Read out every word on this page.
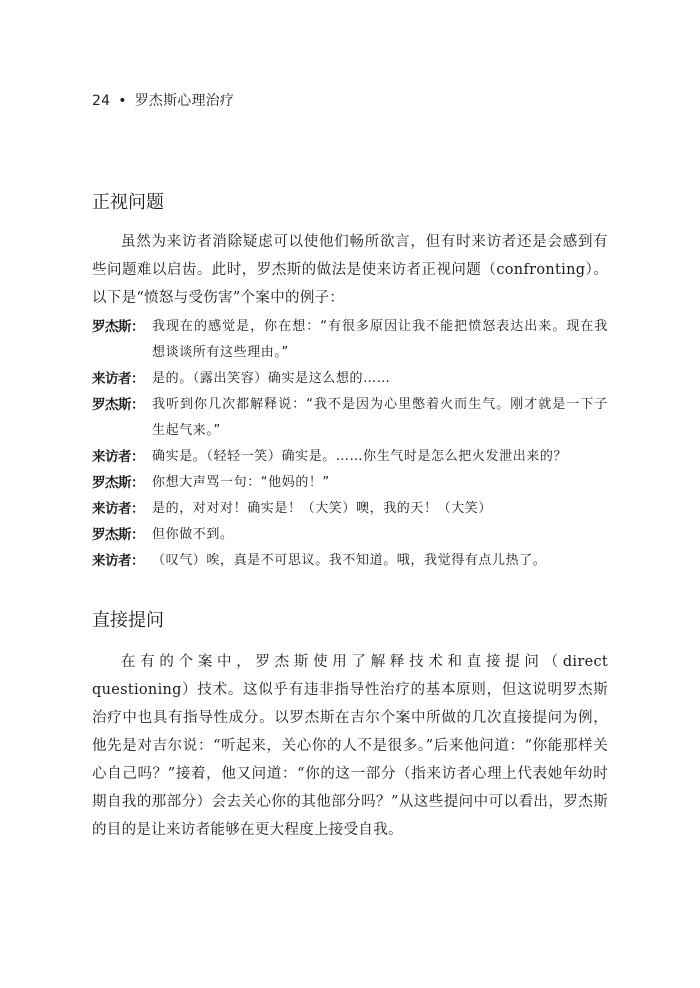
24 • 罗杰斯心理治疗
正视问题

虽然为来访者消除疑虑可以使他们畅所欲言，但有时来访者还是会感到有些问题难以启齿。此时，罗杰斯的做法是使来访者正视问题（confronting）。以下是“愤怒与受伤害”个案中的例子：

罗杰斯： 我现在的感觉是，你在想：“有很多原因让我不能把愤怒表达出来。现在我想谈谈所有这些理由。”
来访者： 是的。（露出笑容）确实是这么想的……
罗杰斯： 我听到你几次都解释说：“我不是因为心里憋着火而生气。刚才就是一下子生起气来。”
来访者： 确实是。（轻轻一笑）确实是。……你生气时是怎么把火发泄出来的？
罗杰斯： 你想大声骂一句：“他妈的！”
来访者： 是的，对对对！确实是！（大笑）噢，我的天！（大笑）
罗杰斯： 但你做不到。
来访者： （叹气）唉，真是不可思议。我不知道。哦，我觉得有点儿热了。
直接提问

在有的个案中，罗杰斯使用了解释技术和直接提问（direct questioning）技术。这似乎有违非指导性治疗的基本原则，但这说明罗杰斯治疗中也具有指导性成分。以罗杰斯在吉尔个案中所做的几次直接提问为例，他先是对吉尔说：“听起来，关心你的人不是很多。”后来他问道：“你能那样关心自己吗？”接着，他又问道：“你的这一部分（指来访者心理上代表她年幼时期自我的那部分）会去关心你的其他部分吗？”从这些提问中可以看出，罗杰斯的目的是让来访者能够在更大程度上接受自我。
